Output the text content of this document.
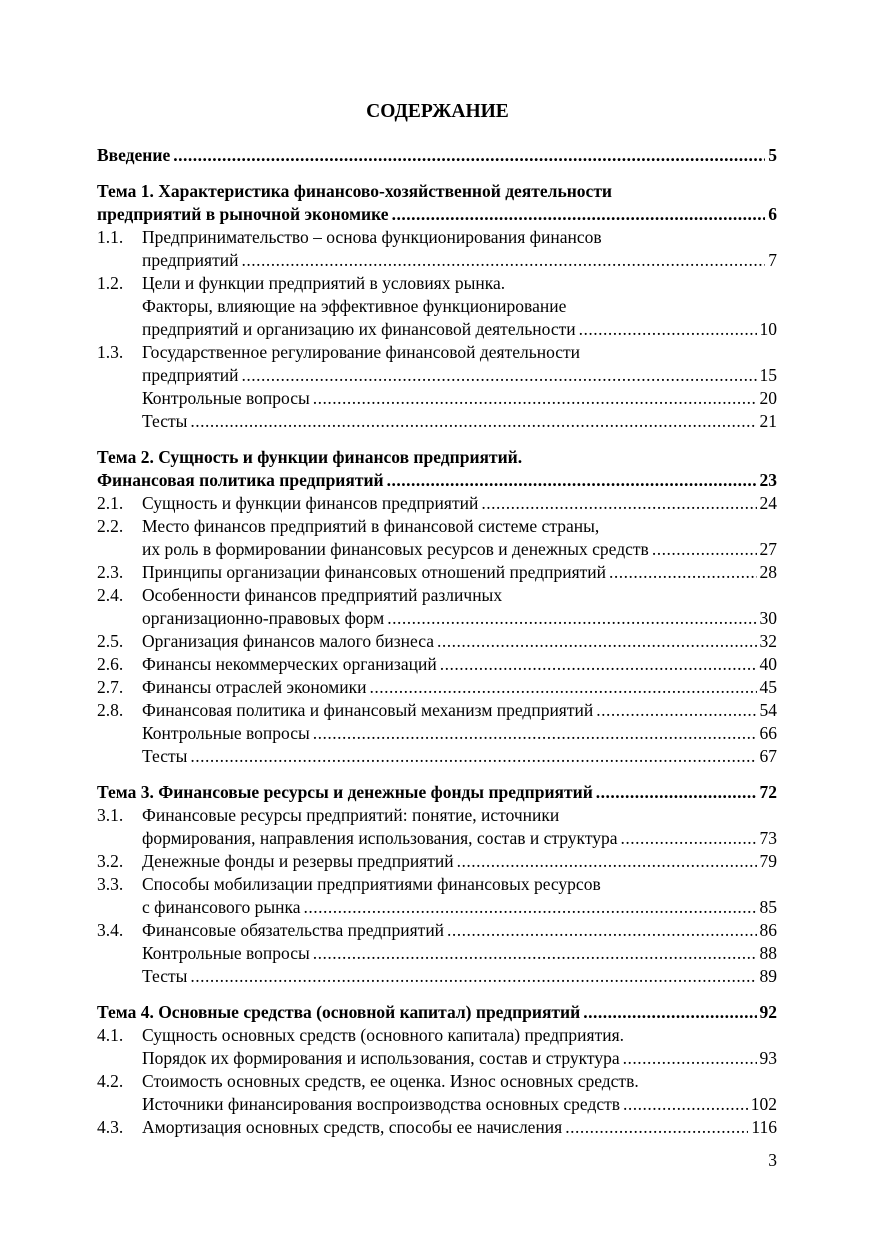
СОДЕРЖАНИЕ
Введение .....	5
Тема 1. Характеристика финансово-хозяйственной деятельности
предприятий в рыночной экономике .....	6
1.1.	Предпринимательство – основа функционирования финансов
предприятий .....	7
1.2.	Цели и функции предприятий в условиях рынка.
Факторы, влияющие на эффективное функционирование
предприятий и организацию их финансовой деятельности .....	10
1.3.	Государственное регулирование финансовой деятельности
предприятий .....	15
Контрольные вопросы .....	20
Тесты .....	21
Тема 2. Сущность и функции финансов предприятий.
Финансовая политика предприятий .....	23
2.1.	Сущность и функции финансов предприятий .....	24
2.2.	Место финансов предприятий в финансовой системе страны,
их роль в формировании финансовых ресурсов и денежных средств .....	27
2.3.	Принципы организации финансовых отношений предприятий .....	28
2.4.	Особенности финансов предприятий различных
организационно-правовых форм .....	30
2.5.	Организация финансов малого бизнеса .....	32
2.6.	Финансы некоммерческих организаций .....	40
2.7.	Финансы отраслей экономики .....	45
2.8.	Финансовая политика и финансовый механизм предприятий .....	54
Контрольные вопросы .....	66
Тесты .....	67
Тема 3. Финансовые ресурсы и денежные фонды предприятий .....	72
3.1.	Финансовые ресурсы предприятий: понятие, источники
формирования, направления использования, состав и структура .....	73
3.2.	Денежные фонды и резервы предприятий .....	79
3.3.	Способы мобилизации предприятиями финансовых ресурсов
с финансового рынка .....	85
3.4.	Финансовые обязательства предприятий .....	86
Контрольные вопросы .....	88
Тесты .....	89
Тема 4. Основные средства (основной капитал) предприятий .....	92
4.1.	Сущность основных средств (основного капитала) предприятия.
Порядок их формирования и использования, состав и структура .....	93
4.2.	Стоимость основных средств, ее оценка. Износ основных средств.
Источники финансирования воспроизводства основных средств .....	102
4.3.	Амортизация основных средств, способы ее начисления .....	116

3
